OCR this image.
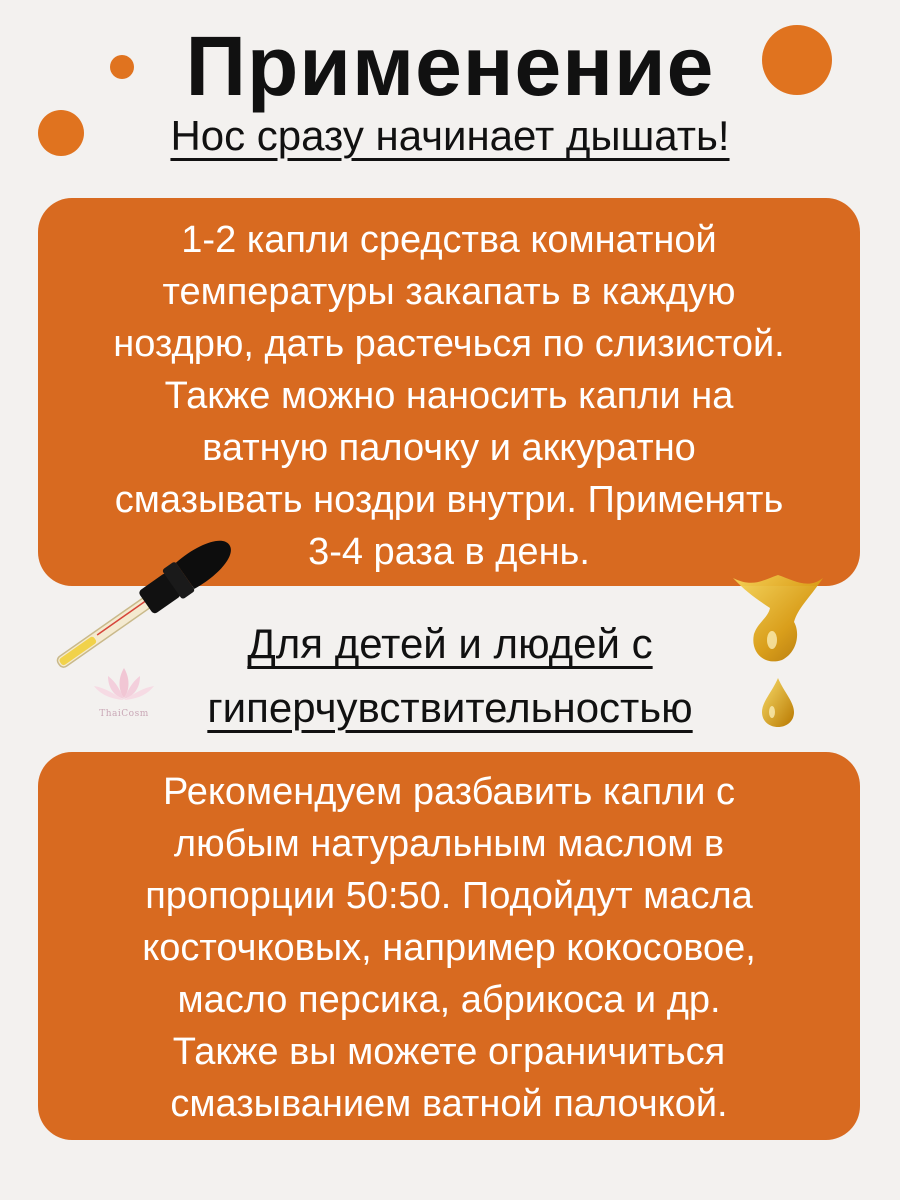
Применение

Нос сразу начинает дышать!

1-2 капли средства комнатной
температуры закапать в каждую
ноздрю, дать растечься по слизистой.
Также можно наносить капли на
ватную палочку и аккуратно
смазывать ноздри внутри. Применять
3-4 раза в день.
ThaiCosm

Для детей и людей с
гиперчувствительностью

Рекомендуем разбавить капли с
любым натуральным маслом в
пропорции 50:50. Подойдут масла
косточковых, например кокосовое,
масло персика, абрикоса и др.
Также вы можете ограничиться
смазыванием ватной палочкой.
